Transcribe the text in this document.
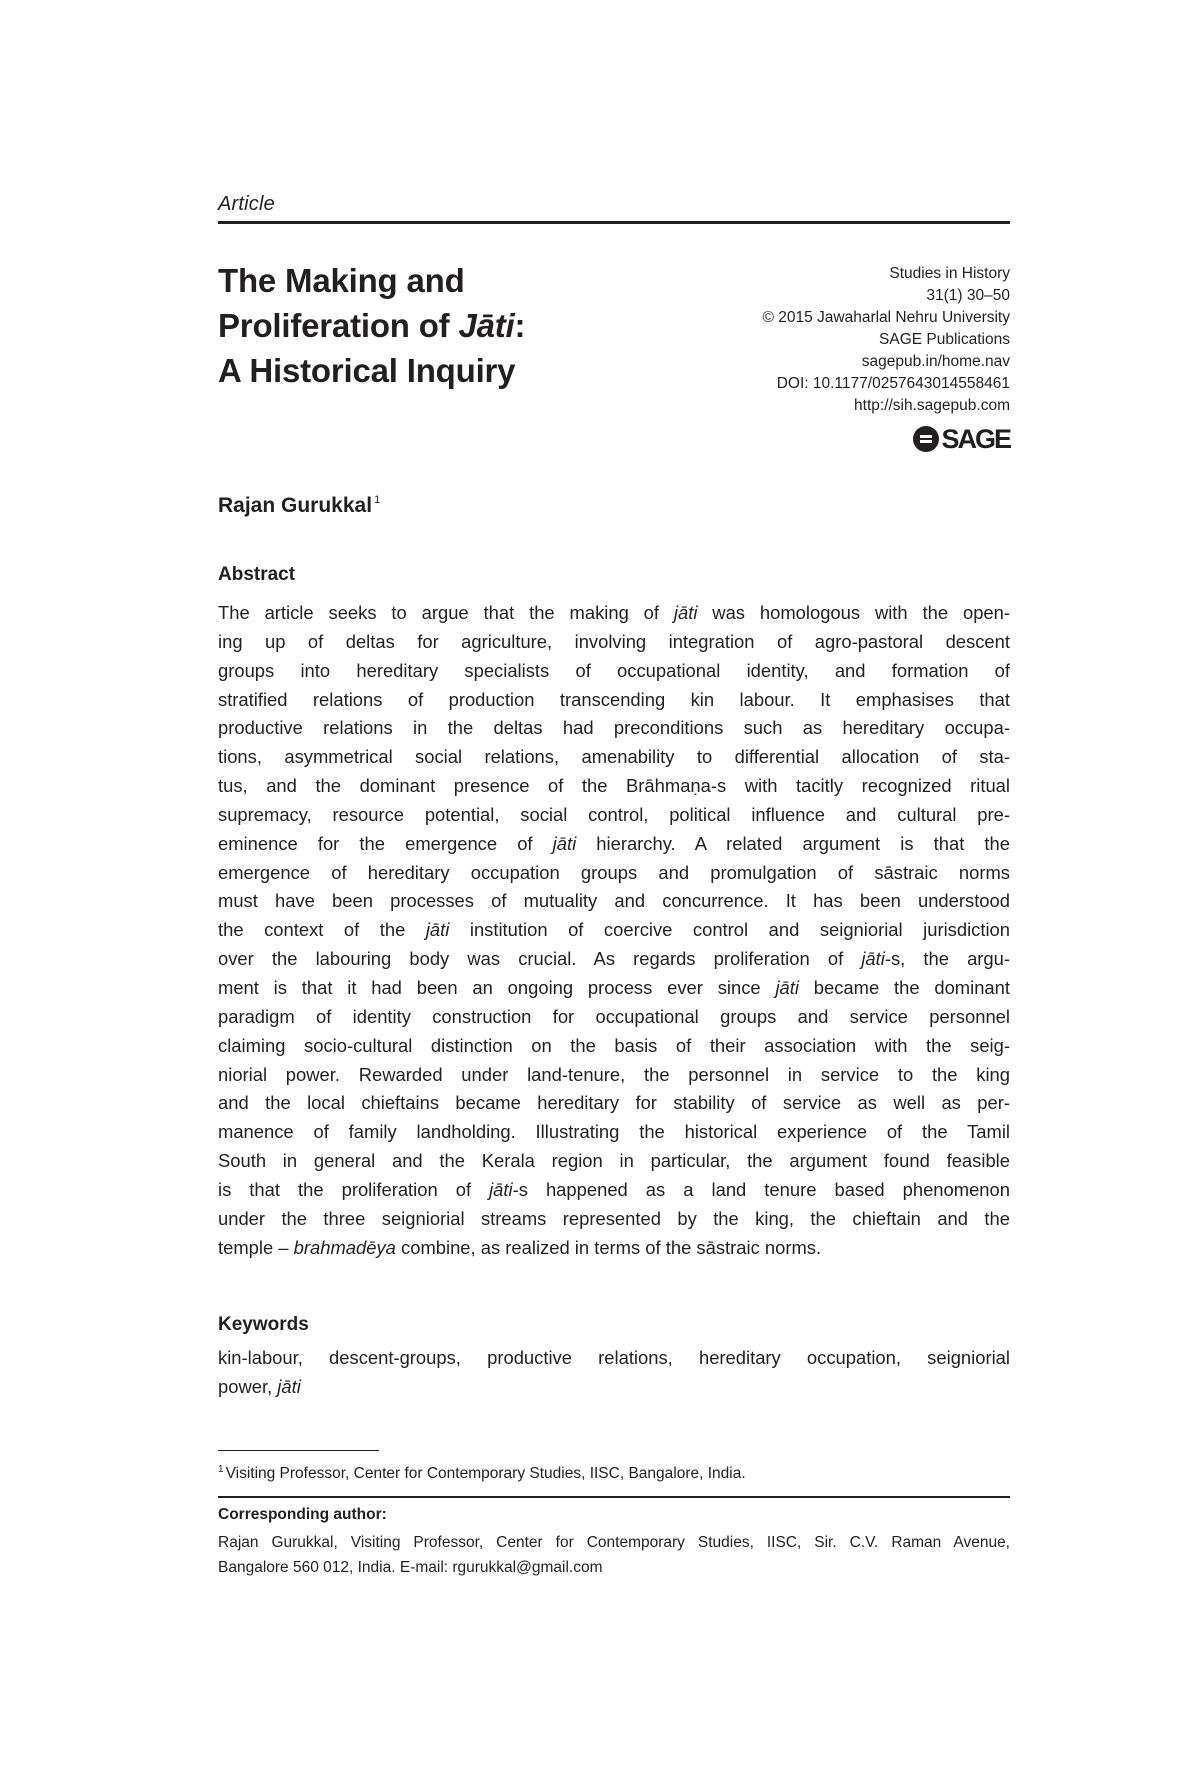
Article
The Making and
Proliferation of Jāti:
A Historical Inquiry
Studies in History
31(1) 30–50
© 2015 Jawaharlal Nehru University
SAGE Publications
sagepub.in/home.nav
DOI: 10.1177/0257643014558461
http://sih.sagepub.com
SAGE
Rajan Gurukkal $^1$
Abstract
The article seeks to argue that the making of jāti was homologous with the open-
ing up of deltas for agriculture, involving integration of agro-pastoral descent
groups into hereditary specialists of occupational identity, and formation of
stratified relations of production transcending kin labour. It emphasises that
productive relations in the deltas had preconditions such as hereditary occupa-
tions, asymmetrical social relations, amenability to differential allocation of sta-
tus, and the dominant presence of the Brāhmaṇa-s with tacitly recognized ritual
supremacy, resource potential, social control, political influence and cultural pre-
eminence for the emergence of jāti hierarchy. A related argument is that the
emergence of hereditary occupation groups and promulgation of sāstraic norms
must have been processes of mutuality and concurrence. It has been understood
the context of the jāti institution of coercive control and seigniorial jurisdiction
over the labouring body was crucial. As regards proliferation of jāti-s, the argu-
ment is that it had been an ongoing process ever since jāti became the dominant
paradigm of identity construction for occupational groups and service personnel
claiming socio-cultural distinction on the basis of their association with the seig-
niorial power. Rewarded under land-tenure, the personnel in service to the king
and the local chieftains became hereditary for stability of service as well as per-
manence of family landholding. Illustrating the historical experience of the Tamil
South in general and the Kerala region in particular, the argument found feasible
is that the proliferation of jāti-s happened as a land tenure based phenomenon
under the three seigniorial streams represented by the king, the chieftain and the
temple – brahmadēya combine, as realized in terms of the sāstraic norms.
Keywords
kin-labour, descent-groups, productive relations, hereditary occupation, seigniorial
power, jāti
$^1$ Visiting Professor, Center for Contemporary Studies, IISC, Bangalore, India.
Corresponding author:
Rajan Gurukkal, Visiting Professor, Center for Contemporary Studies, IISC, Sir. C.V. Raman Avenue,
Bangalore 560 012, India. E-mail: rgurukkal@gmail.com
